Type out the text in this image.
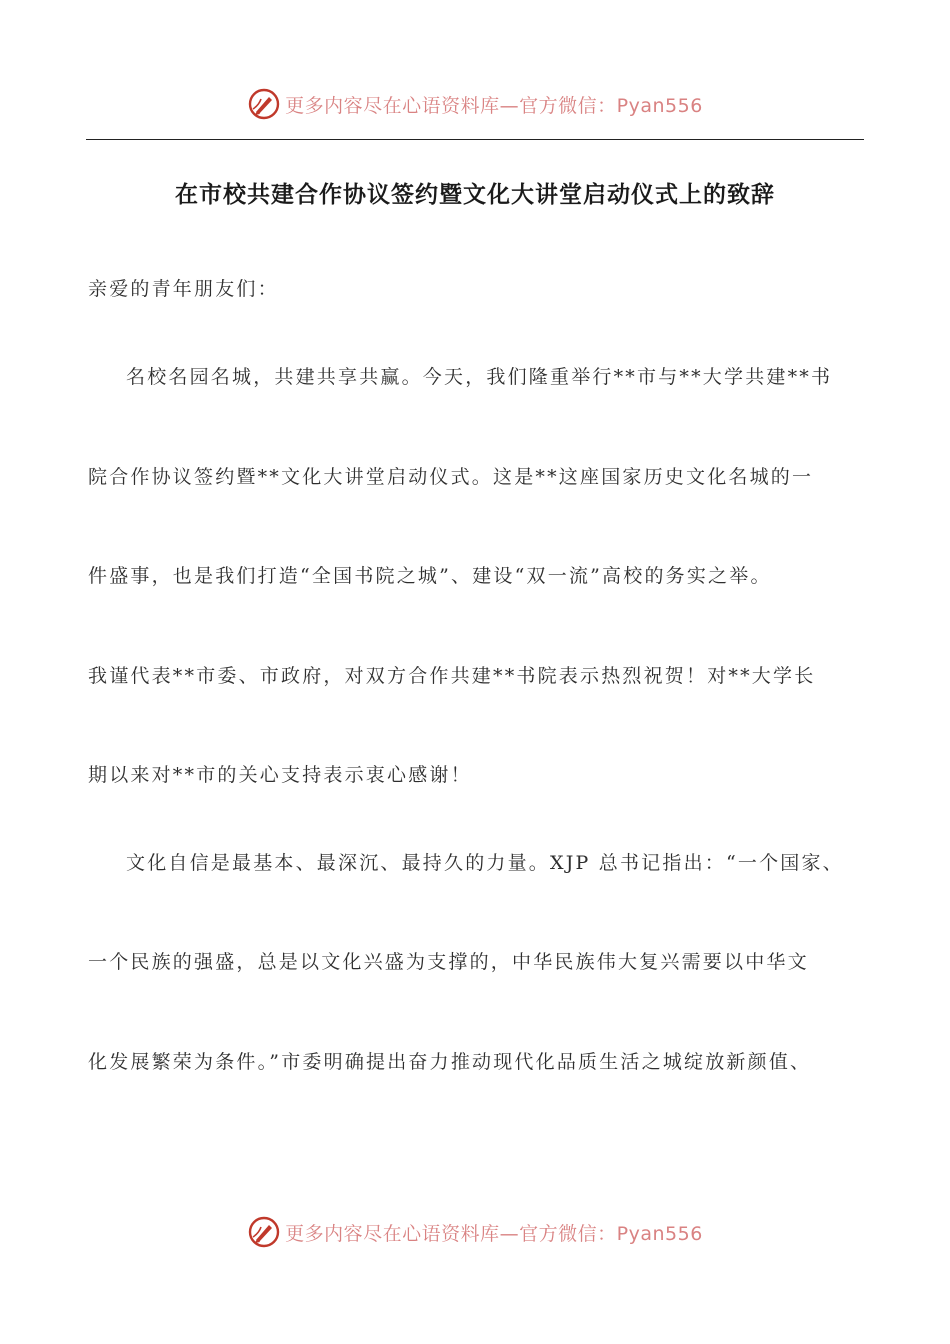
更多内容尽在心语资料库—官方微信：Pyan556
在市校共建合作协议签约暨文化大讲堂启动仪式上的致辞

亲爱的青年朋友们：

名校名园名城，共建共享共赢。今天，我们隆重举行**市与**大学共建**书

院合作协议签约暨**文化大讲堂启动仪式。这是**这座国家历史文化名城的一

件盛事，也是我们打造“全国书院之城”、建设“双一流”高校的务实之举。

我谨代表**市委、市政府，对双方合作共建**书院表示热烈祝贺！对**大学长

期以来对**市的关心支持表示衷心感谢！

文化自信是最基本、最深沉、最持久的力量。XJP 总书记指出：“一个国家、

一个民族的强盛，总是以文化兴盛为支撑的，中华民族伟大复兴需要以中华文

化发展繁荣为条件。”市委明确提出奋力推动现代化品质生活之城绽放新颜值、

更多内容尽在心语资料库—官方微信：Pyan556
